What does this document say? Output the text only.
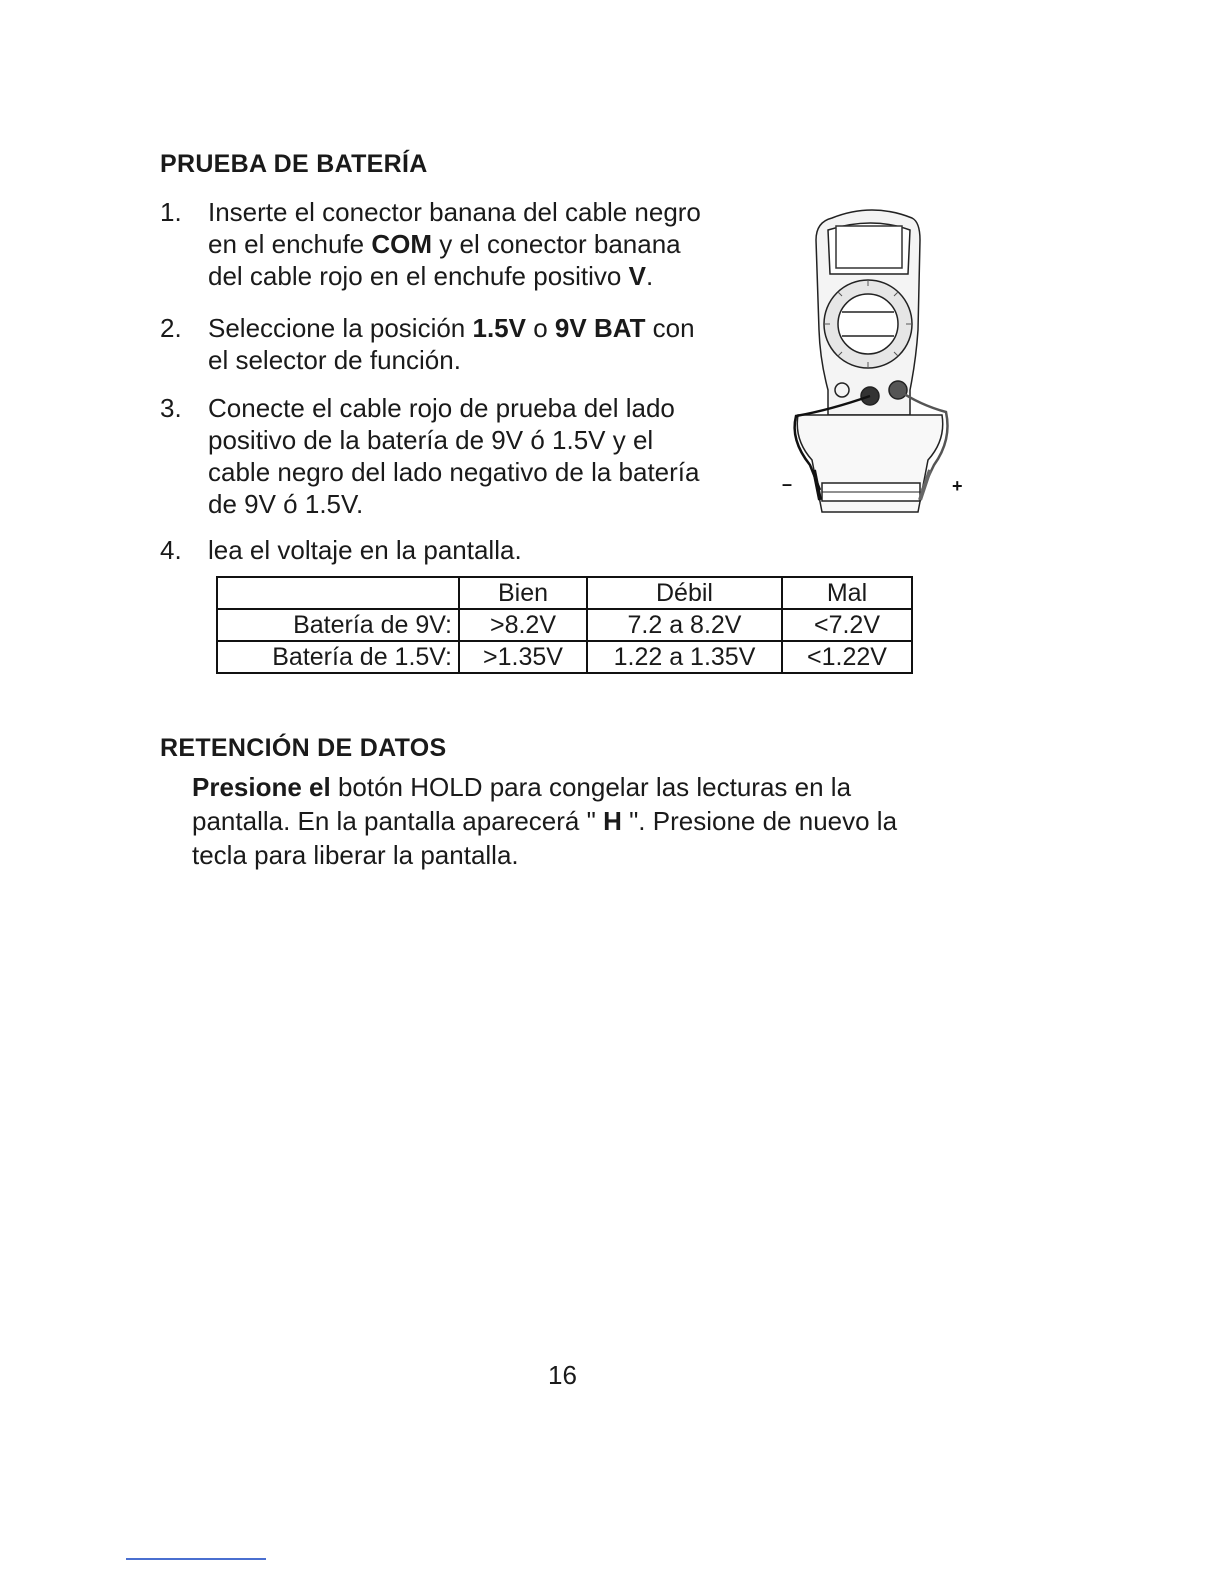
PRUEBA DE BATERÍA
1. Inserte el conector banana del cable negro
en el enchufe COM y el conector banana
del cable rojo en el enchufe positivo V.
2. Seleccione la posición 1.5V o 9V BAT con
el selector de función.
3. Conecte el cable rojo de prueba del lado
positivo de la batería de 9V ó 1.5V y el
cable negro del lado negativo de la batería
de 9V ó 1.5V.
4. lea el voltaje en la pantalla.
–	+
	Bien	Débil	Mal
Batería de 9V:	>8.2V	7.2 a 8.2V	<7.2V
Batería de 1.5V:	>1.35V	1.22 a 1.35V	<1.22V
RETENCIÓN DE DATOS
Presione el botón HOLD para congelar las lecturas en la
pantalla. En la pantalla aparecerá " H ". Presione de nuevo la
tecla para liberar la pantalla.
16
